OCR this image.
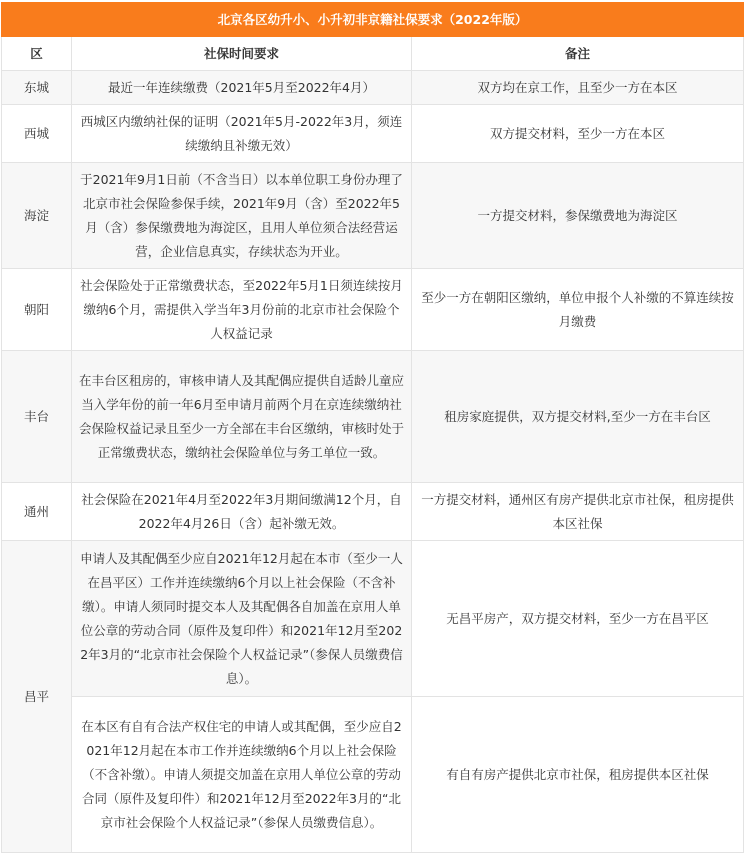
北京各区幼升小、小升初非京籍社保要求（2022年版）		
区	社保时间要求	备注
东城	最近一年连续缴费（2021年5月至2022年4月）	双方均在京工作，且至少一方在本区
西城	西城区内缴纳社保的证明（2021年5月-2022年3月，须连续缴纳且补缴无效）	双方提交材料，至少一方在本区
海淀	于2021年9月1日前（不含当日）以本单位职工身份办理了北京市社会保险参保手续，2021年9月（含）至2022年5月（含）参保缴费地为海淀区，且用人单位须合法经营运营，企业信息真实，存续状态为开业。	一方提交材料，参保缴费地为海淀区
朝阳	社会保险处于正常缴费状态，至2022年5月1日须连续按月缴纳6个月，需提供入学当年3月份前的北京市社会保险个人权益记录	至少一方在朝阳区缴纳，单位申报个人补缴的不算连续按月缴费
丰台	在丰台区租房的，审核申请人及其配偶应提供自适龄儿童应当入学年份的前一年6月至申请月前两个月在京连续缴纳社会保险权益记录且至少一方全部在丰台区缴纳，审核时处于正常缴费状态，缴纳社会保险单位与务工单位一致。	租房家庭提供，双方提交材料,至少一方在丰台区
通州	社会保险在2021年4月至2022年3月期间缴满12个月，自2022年4月26日（含）起补缴无效。	一方提交材料，通州区有房产提供北京市社保，租房提供本区社保
昌平	申请人及其配偶至少应自2021年12月起在本市（至少一人在昌平区）工作并连续缴纳6个月以上社会保险（不含补缴）。申请人须同时提交本人及其配偶各自加盖在京用人单位公章的劳动合同（原件及复印件）和2021年12月至2022年3月的“北京市社会保险个人权益记录”（参保人员缴费信息）。	无昌平房产，双方提交材料，至少一方在昌平区
	在本区有自有合法产权住宅的申请人或其配偶，至少应自2021年12月起在本市工作并连续缴纳6个月以上社会保险（不含补缴）。申请人须提交加盖在京用人单位公章的劳动合同（原件及复印件）和2021年12月至2022年3月的“北京市社会保险个人权益记录”（参保人员缴费信息）。	有自有房产提供北京市社保，租房提供本区社保
